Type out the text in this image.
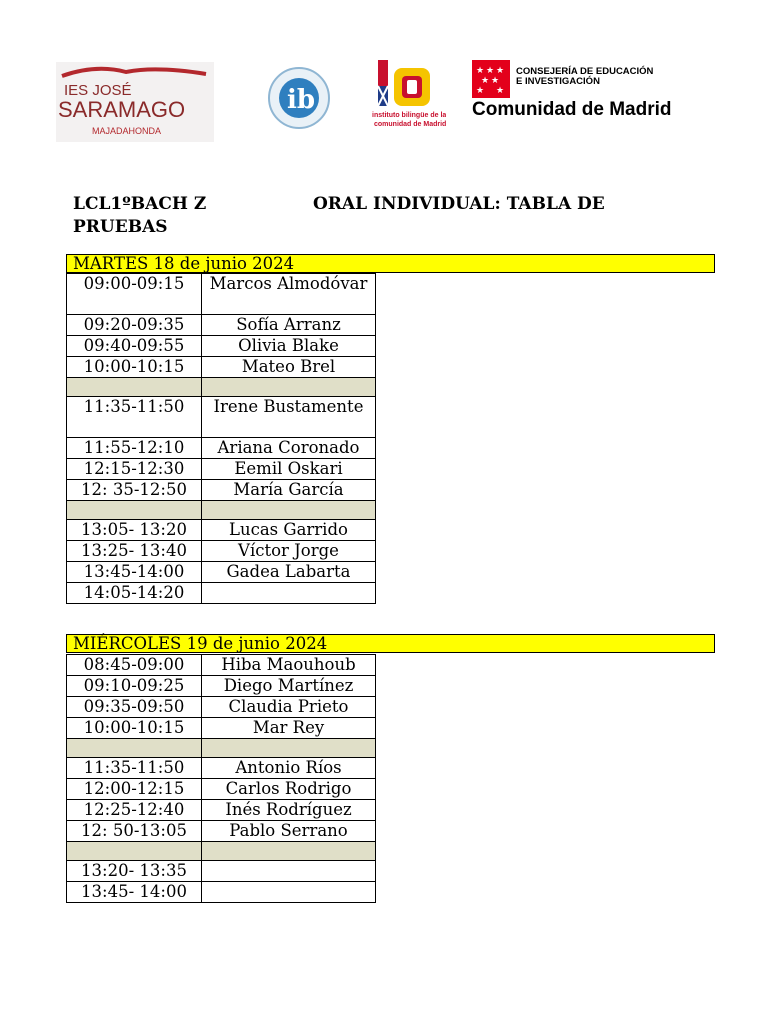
IES JOSÉ
SARAMAGO
MAJADAHONDA
ib
instituto bilingüe de la
comunidad de Madrid
★ ★ ★
★ ★
★ ★
CONSEJERÍA DE EDUCACIÓN
E INVESTIGACIÓN
Comunidad de Madrid
LCL1ºBACH Z	ORAL INDIVIDUAL: TABLA DE
PRUEBAS
MARTES 18 de junio 2024
09:00-09:15	Marcos Almodóvar
09:20-09:35	Sofía Arranz
09:40-09:55	Olivia Blake
10:00-10:15	Mateo Brel

11:35-11:50	Irene Bustamente
11:55-12:10	Ariana Coronado
12:15-12:30	Eemil Oskari
12: 35-12:50	María García

13:05- 13:20	Lucas Garrido
13:25- 13:40	Víctor Jorge
13:45-14:00	Gadea Labarta
14:05-14:20	
MIÉRCOLES 19 de junio 2024
08:45-09:00	Hiba Maouhoub
09:10-09:25	Diego Martínez
09:35-09:50	Claudia Prieto
10:00-10:15	Mar Rey

11:35-11:50	Antonio Ríos
12:00-12:15	Carlos Rodrigo
12:25-12:40	Inés Rodríguez
12: 50-13:05	Pablo Serrano

13:20- 13:35	
13:45- 14:00	
